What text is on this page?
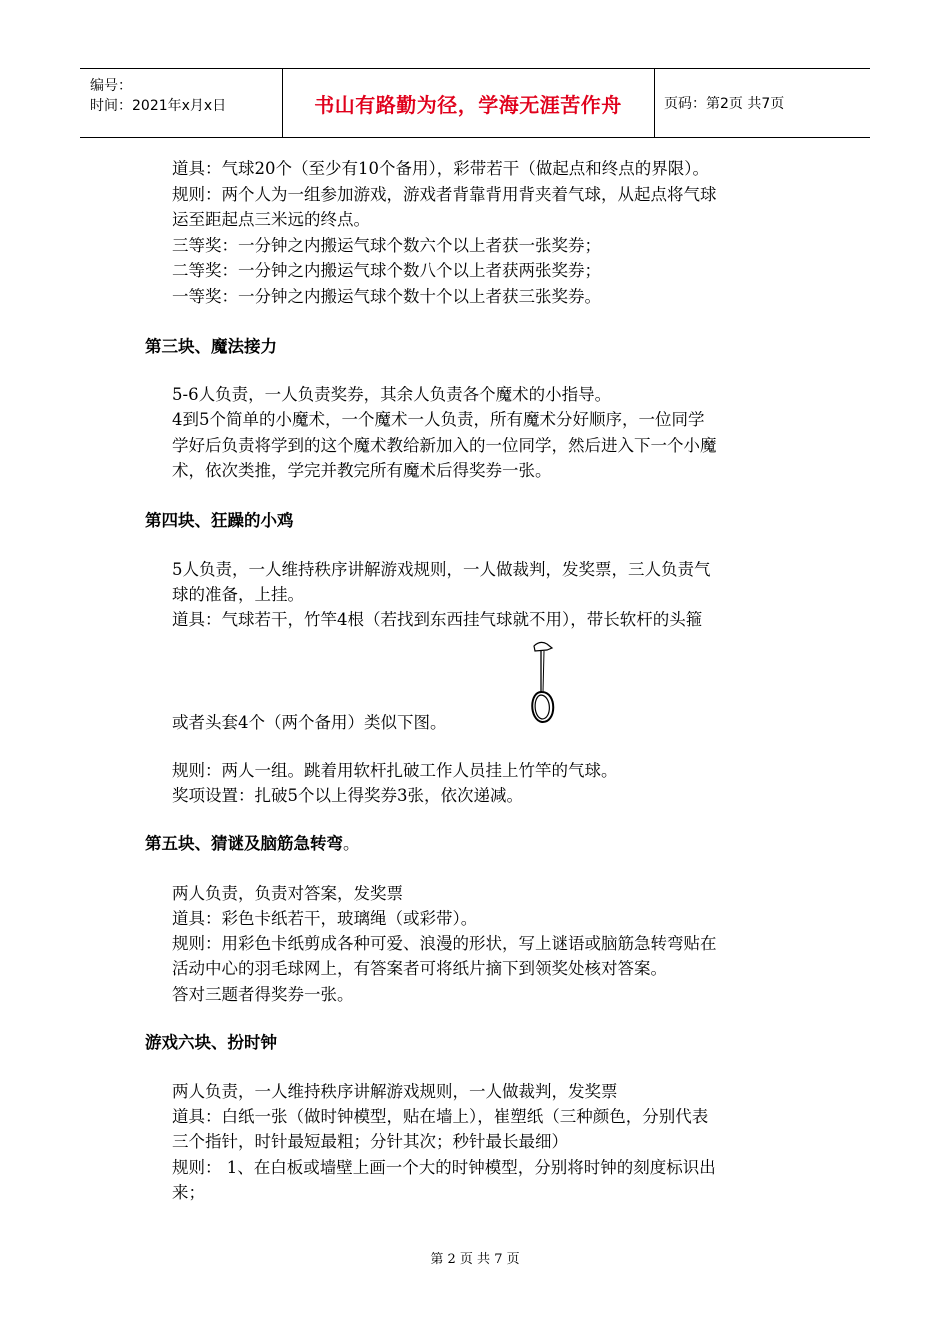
编号：
时间：2021年x月x日	书山有路勤为径，学海无涯苦作舟	页码：第2页 共7页
道具：气球20个（至少有10个备用），彩带若干（做起点和终点的界限）。
规则：两个人为一组参加游戏，游戏者背靠背用背夹着气球，从起点将气球
运至距起点三米远的终点。
三等奖：一分钟之内搬运气球个数六个以上者获一张奖券；
二等奖：一分钟之内搬运气球个数八个以上者获两张奖券；
一等奖：一分钟之内搬运气球个数十个以上者获三张奖券。
第三块、魔法接力
5-6人负责，一人负责奖券，其余人负责各个魔术的小指导。
4到5个简单的小魔术，一个魔术一人负责，所有魔术分好顺序，一位同学
学好后负责将学到的这个魔术教给新加入的一位同学，然后进入下一个小魔
术，依次类推，学完并教完所有魔术后得奖券一张。
第四块、狂躁的小鸡
5人负责，一人维持秩序讲解游戏规则，一人做裁判，发奖票，三人负责气
球的准备，上挂。
道具：气球若干，竹竿4根（若找到东西挂气球就不用），带长软杆的头箍
或者头套4个（两个备用）类似下图。
规则：两人一组。跳着用软杆扎破工作人员挂上竹竿的气球。
奖项设置：扎破5个以上得奖券3张，依次递减。
第五块、猜谜及脑筋急转弯。
两人负责，负责对答案，发奖票
道具：彩色卡纸若干，玻璃绳（或彩带）。
规则：用彩色卡纸剪成各种可爱、浪漫的形状，写上谜语或脑筋急转弯贴在
活动中心的羽毛球网上，有答案者可将纸片摘下到领奖处核对答案。
答对三题者得奖券一张。
游戏六块、扮时钟
两人负责，一人维持秩序讲解游戏规则，一人做裁判，发奖票
道具：白纸一张（做时钟模型，贴在墙上），崔塑纸（三种颜色，分别代表
三个指针，时针最短最粗；分针其次；秒针最长最细）
规则： 1、在白板或墙壁上画一个大的时钟模型，分别将时钟的刻度标识出
来；
第 2 页 共 7 页
